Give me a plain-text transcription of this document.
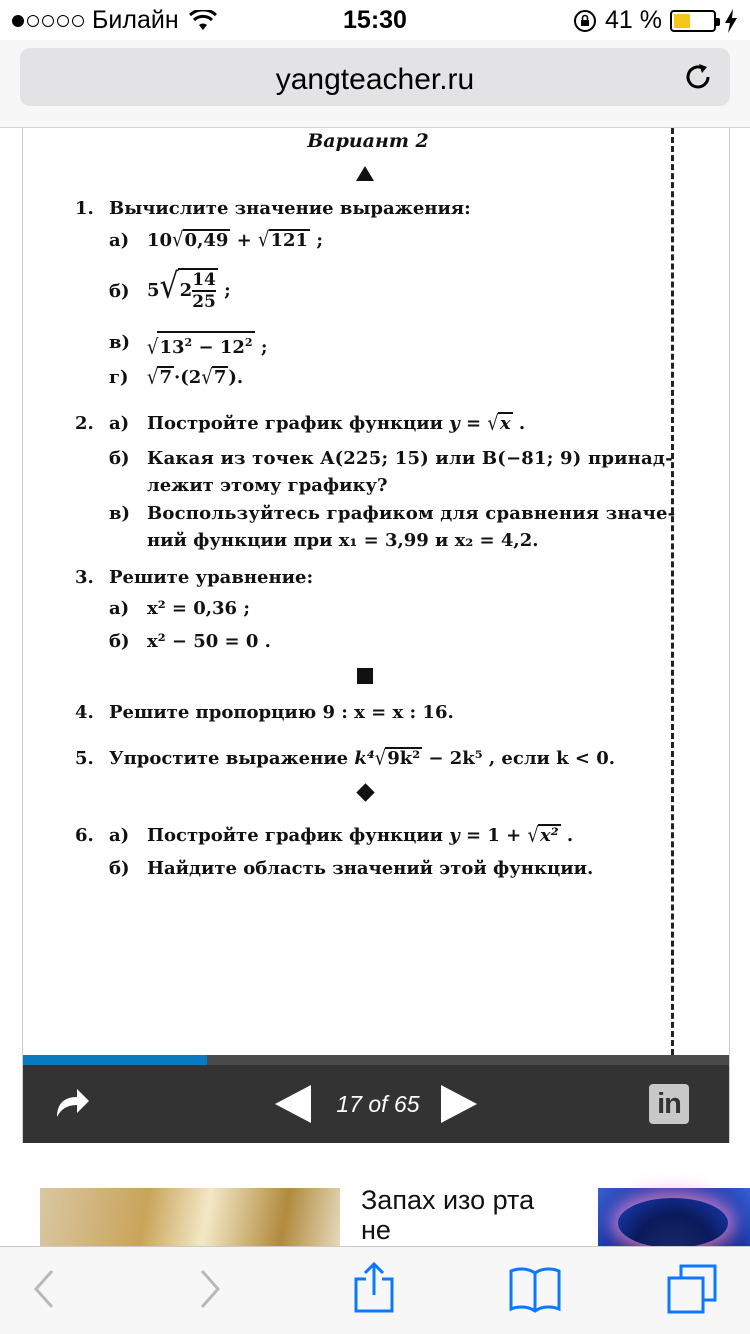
Билайн	15:30	41 %
yangteacher.ru
Вариант 2
1. Вычислите значение выражения:
а) 10√0,49 + √121 ;
б) $5√2 \frac{14}{25}$ ;
в) $√13^2 - 12^2$ ;
г) √7 ·(2√7 ).
2. а) Постройте график функции y = √x .
б) Какая из точек A(225; 15) или B(−81; 9) принад-
лежит этому графику?
в) Воспользуйтесь графиком для сравнения значе-
ний функции при x₁ = 3,99 и x₂ = 4,2.
3. Решите уравнение:
а) x² = 0,36 ;
б) x² − 50 = 0 .
4. Решите пропорцию 9 : x = x : 16.
5. Упростите выражение k⁴√9k² − 2k⁵ , если k < 0.
6. а) Постройте график функции y = 1 + √x² .
б) Найдите область значений этой функции.
17 of 65	in
Запах изо рта не
